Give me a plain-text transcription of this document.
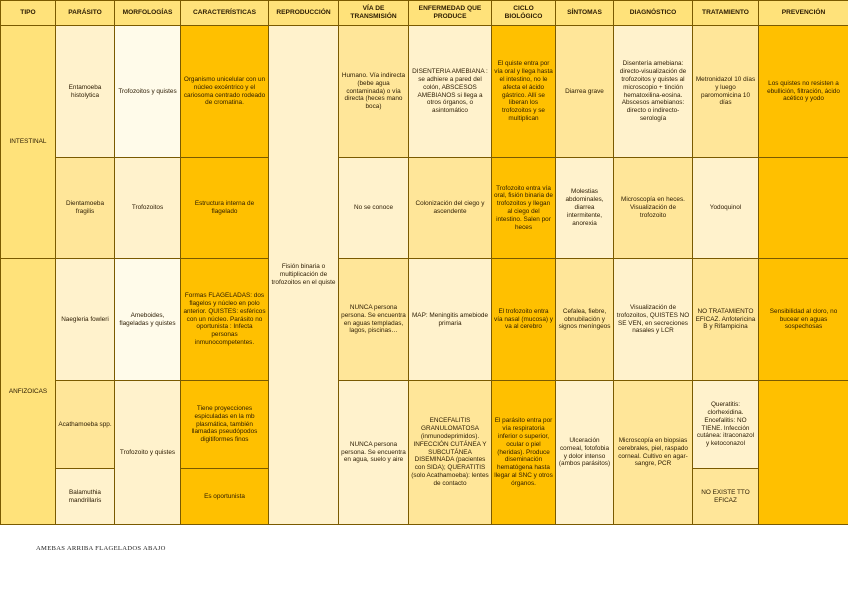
TIPO	PARÁSITO	MORFOLOGÍAS	CARACTERÍSTICAS	REPRODUCCIÓN	VÍA DE TRANSMISIÓN	ENFERMEDAD QUE PRODUCE	CICLO BIOLÓGICO	SÍNTOMAS	DIAGNÓSTICO	TRATAMIENTO	PREVENCIÓN
INTESTINAL	Entamoeba histolytica	Trofozoitos y quistes	Organismo unicelular con un núcleo excéntrico y el cariosoma centrado rodeado de cromatina.	Fisión binaria o multiplicación de trofozoitos en el quiste	Humano. Vía indirecta (bebe agua contaminada) o vía directa (heces mano boca)	DISENTERIA AMEBIANA : se adhiere a pared del colón, ABSCESOS AMEBIANOS si llega a otros órganos, o asintomático	El quiste entra por vía oral y llega hasta el intestino, no le afecta el ácido gástrico. Allí se liberan los trofozoitos y se multiplican	Diarrea grave	Disentería amebiana: directo-visualización de trofozoitos y quistes al microscopio + tinción hematoxilina-eosina. Abscesos amebianos: directo o indirecto-serología	Metronidazol 10 días y luego paromomicina 10 días	Los quistes no resisten a ebullición, filtración, ácido acético y yodo
	Dientamoeba fragilis	Trofozoitos	Estructura interna de flagelado		No se conoce	Colonización del ciego y ascendente	Trofozoito entra vía oral, fisión binaria de trofozoitos y llegan al ciego del intestino. Salen por heces	Molestias abdominales, diarrea intermitente, anorexia	Microscopía en heces. Visualización de trofozoito	Yodoquinol	
ANFIZOICAS	Naegleria fowleri	Ameboides, flageladas y quistes	Formas FLAGELADAS: dos flagelos y núcleo en polo anterior. QUISTES: esféricos con un núcleo. Parásito no oportunista : Infecta personas inmunocompetentes.		NUNCA persona persona. Se encuentra en aguas templadas, lagos, piscinas…	MAP: Meningitis amebiode primaria	El trofozoito entra vía nasal (mucosa) y va al cerebro	Cefalea, fiebre, obnubilación y signos meníngeos	Visualización de trofozoitos, QUISTES NO SE VEN, en secreciones nasales y LCR	NO TRATAMIENTO EFICAZ. Anfotericina B y Rifampicina	Sensibilidad al cloro, no bucear en aguas sospechosas
	Acathamoeba spp.	Trofozoito y quistes	Tiene proyecciones espiculadas en la mb plasmática, también llamadas pseudópodos digitiformes finos		NUNCA persona persona. Se encuentra en agua, suelo y aire	ENCEFALITIS GRANULOMATOSA (inmunodeprimidos). INFECCIÓN CUTÁNEA Y SUBCUTÁNEA DISEMINADA (pacientes con SIDA); QUERATITIS (solo Acathamoeba): lentes de contacto	El parásito entra por vía respiratoria inferior o superior, ocular o piel (heridas). Produce diseminación hematógena hasta llegar al SNC y otros órganos.	Ulceración corneal, fotofobia y dolor intenso (ambos parásitos)	Microscopía en biopsias cerebrales, piel, raspado corneal. Cultivo en agar-sangre, PCR	Queratitis: clorhexidina. Encefalitis: NO TIENE. Infección cutánea: itraconazol y ketoconazol	
	Balamuthia mandrillaris		Es oportunista							NO EXISTE TTO EFICAZ	
AMEBAS ARRIBA FLAGELADOS ABAJO
